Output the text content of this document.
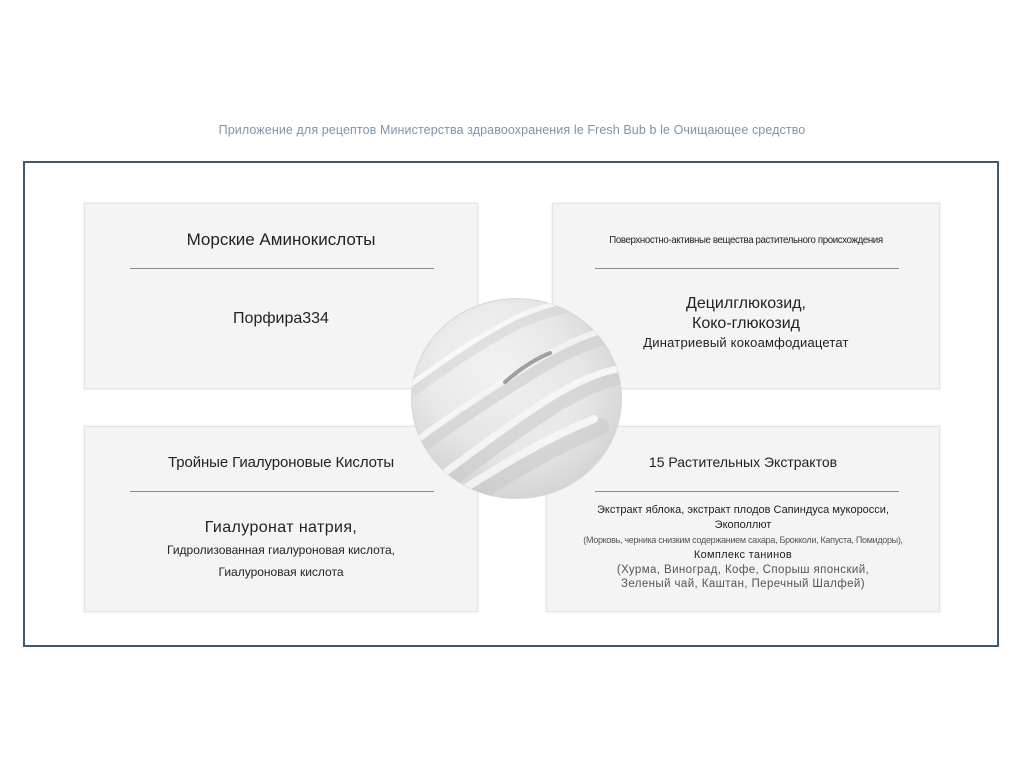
Приложение для рецептов Министерства здравоохранения le Fresh Bub b le Очищающее средство
Морские Аминокислоты
Порфира334
Поверхностно-активные вещества растительного происхождения
Децилглюкозид,
Коко-глюкозид
Динатриевый кокоамфодиацетат
Тройные Гиалуроновые Кислоты
Гиалуронат натрия,
Гидролизованная гиалуроновая кислота,
Гиалуроновая кислота
15 Растительных Экстрактов
Экстракт яблока, экстракт плодов Сапиндуса мукоросси,
Экополлют
(Морковь, черника снизким содержанием сахара, Брокколи, Капуста, Помидоры),
Комплекс танинов
(Хурма, Виноград, Кофе, Спорыш японский,
Зеленый чай, Каштан, Перечный Шалфей)
